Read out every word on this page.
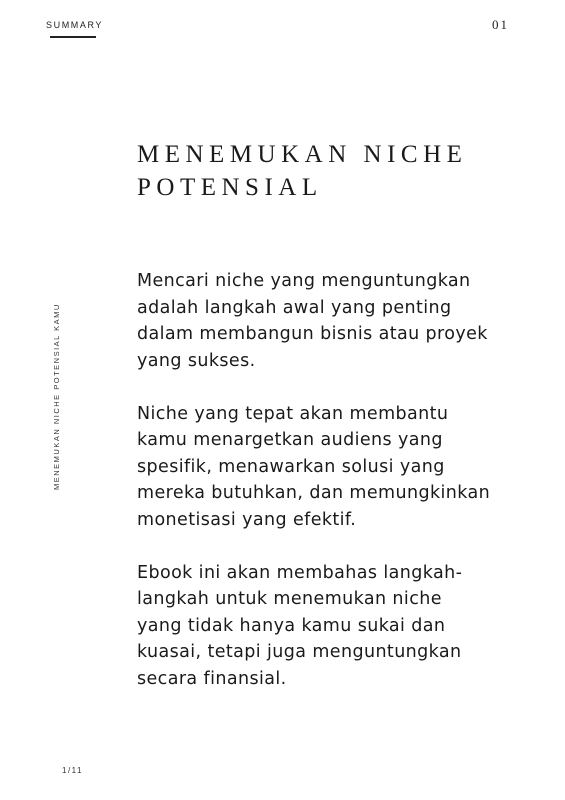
SUMMARY	01
MENEMUKAN NICHE
POTENSIAL
MENEMUKAN NICHE POTENSIAL KAMU

Mencari niche yang menguntungkan
adalah langkah awal yang penting
dalam membangun bisnis atau proyek
yang sukses.

Niche yang tepat akan membantu
kamu menargetkan audiens yang
spesifik, menawarkan solusi yang
mereka butuhkan, dan memungkinkan
monetisasi yang efektif.

Ebook ini akan membahas langkah-
langkah untuk menemukan niche
yang tidak hanya kamu sukai dan
kuasai, tetapi juga menguntungkan
secara finansial.

1/11
